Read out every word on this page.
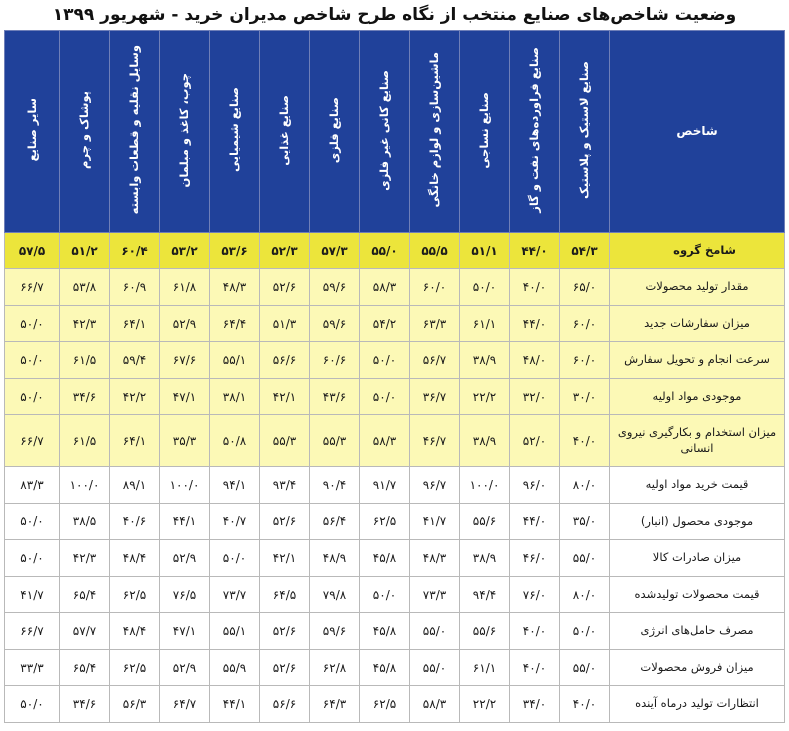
وضعیت شاخص‌های صنایع منتخب از نگاه طرح شاخص مدیران خرید - شهریور ۱۳۹۹
شاخص	صنایع لاستیک و پلاستیک	صنایع فراورده‌های نفت و گاز	صنایع نساجی	ماشین‌سازی و لوازم خانگی	صنایع کانی غیر فلزی	صنایع فلزی	صنایع غذایی	صنایع شیمیایی	چوب، کاغذ و مبلمان	وسایل نقلیه و قطعات وابسته	پوشاک و چرم	سایر صنایع
شامخ گروه	۵۴/۳	۴۴/۰	۵۱/۱	۵۵/۵	۵۵/۰	۵۷/۳	۵۲/۳	۵۳/۶	۵۳/۲	۶۰/۴	۵۱/۲	۵۷/۵
مقدار تولید محصولات	۶۵/۰	۴۰/۰	۵۰/۰	۶۰/۰	۵۸/۳	۵۹/۶	۵۲/۶	۴۸/۳	۶۱/۸	۶۰/۹	۵۳/۸	۶۶/۷
میزان سفارشات جدید	۶۰/۰	۴۴/۰	۶۱/۱	۶۳/۳	۵۴/۲	۵۹/۶	۵۱/۳	۶۴/۴	۵۲/۹	۶۴/۱	۴۲/۳	۵۰/۰
سرعت انجام و تحویل سفارش	۶۰/۰	۴۸/۰	۳۸/۹	۵۶/۷	۵۰/۰	۶۰/۶	۵۶/۶	۵۵/۱	۶۷/۶	۵۹/۴	۶۱/۵	۵۰/۰
موجودی مواد اولیه	۳۰/۰	۳۲/۰	۲۲/۲	۳۶/۷	۵۰/۰	۴۳/۶	۴۲/۱	۳۸/۱	۴۷/۱	۴۲/۲	۳۴/۶	۵۰/۰
میزان استخدام و بکارگیری نیروی انسانی	۴۰/۰	۵۲/۰	۳۸/۹	۴۶/۷	۵۸/۳	۵۵/۳	۵۵/۳	۵۰/۸	۳۵/۳	۶۴/۱	۶۱/۵	۶۶/۷
قیمت خرید مواد اولیه	۸۰/۰	۹۶/۰	۱۰۰/۰	۹۶/۷	۹۱/۷	۹۰/۴	۹۳/۴	۹۴/۱	۱۰۰/۰	۸۹/۱	۱۰۰/۰	۸۳/۳
موجودی محصول (انبار)	۳۵/۰	۴۴/۰	۵۵/۶	۴۱/۷	۶۲/۵	۵۶/۴	۵۲/۶	۴۰/۷	۴۴/۱	۴۰/۶	۳۸/۵	۵۰/۰
میزان صادرات کالا	۵۵/۰	۴۶/۰	۳۸/۹	۴۸/۳	۴۵/۸	۴۸/۹	۴۲/۱	۵۰/۰	۵۲/۹	۴۸/۴	۴۲/۳	۵۰/۰
قیمت محصولات تولیدشده	۸۰/۰	۷۶/۰	۹۴/۴	۷۳/۳	۵۰/۰	۷۹/۸	۶۴/۵	۷۳/۷	۷۶/۵	۶۲/۵	۶۵/۴	۴۱/۷
مصرف حامل‌های انرژی	۵۰/۰	۴۰/۰	۵۵/۶	۵۵/۰	۴۵/۸	۵۹/۶	۵۲/۶	۵۵/۱	۴۷/۱	۴۸/۴	۵۷/۷	۶۶/۷
میزان فروش محصولات	۵۵/۰	۴۰/۰	۶۱/۱	۵۵/۰	۴۵/۸	۶۲/۸	۵۲/۶	۵۵/۹	۵۲/۹	۶۲/۵	۶۵/۴	۳۳/۳
انتظارات تولید درماه آینده	۴۰/۰	۳۴/۰	۲۲/۲	۵۸/۳	۶۲/۵	۶۴/۳	۵۶/۶	۴۴/۱	۶۴/۷	۵۶/۳	۳۴/۶	۵۰/۰
